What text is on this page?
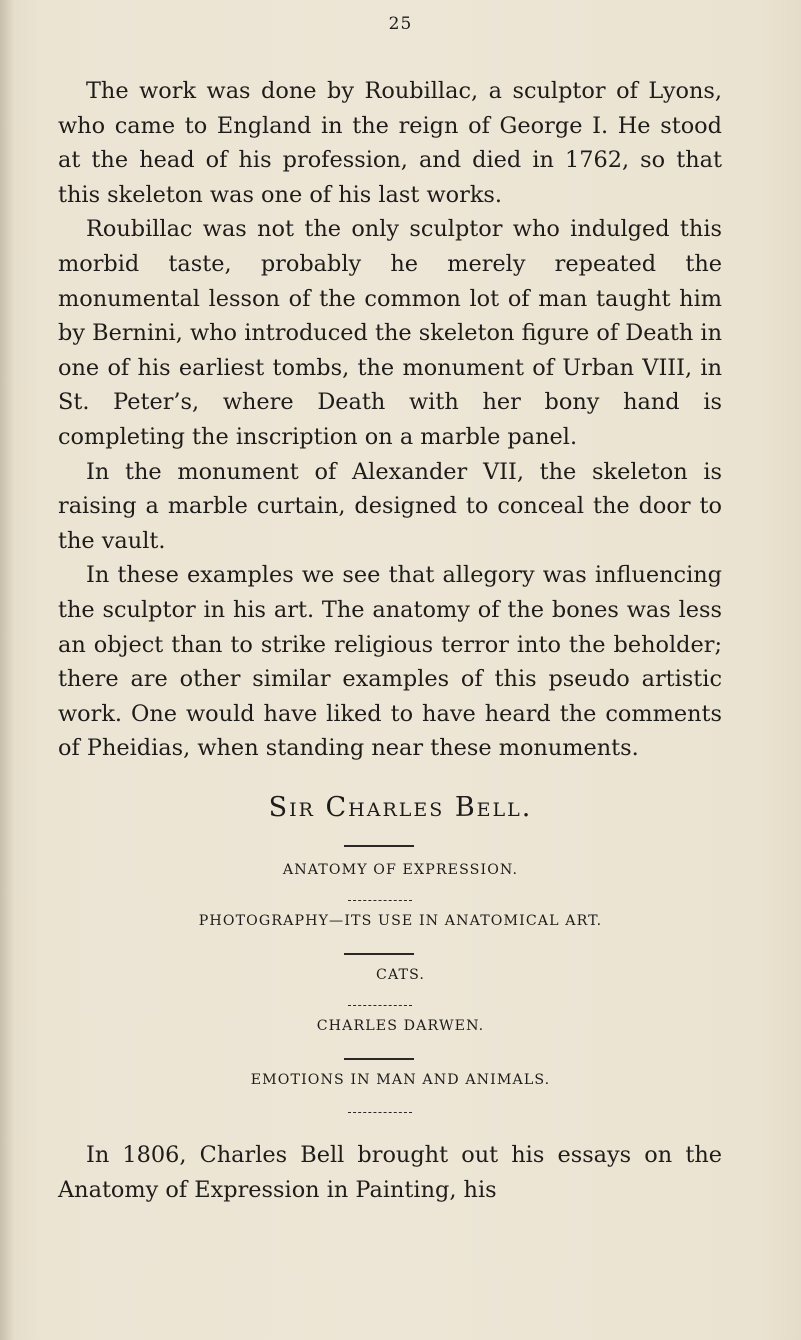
25

The work was done by Roubillac, a sculptor of Lyons, who came to England in the reign of George I. He stood at the head of his profession, and died in 1762, so that this skeleton was one of his last works.

Roubillac was not the only sculptor who indulged this morbid taste, probably he merely repeated the monumental lesson of the common lot of man taught him by Bernini, who introduced the skeleton figure of Death in one of his earliest tombs, the monument of Urban VIII, in St. Peter’s, where Death with her bony hand is completing the inscription on a marble panel.

In the monument of Alexander VII, the skeleton is raising a marble curtain, designed to conceal the door to the vault.

In these examples we see that allegory was influencing the sculptor in his art. The anatomy of the bones was less an object than to strike religious terror into the beholder; there are other similar examples of this pseudo artistic work. One would have liked to have heard the comments of Pheidias, when standing near these monuments.

Sir Charles Bell.
ANATOMY OF EXPRESSION.
PHOTOGRAPHY—ITS USE IN ANATOMICAL ART.
CATS.
CHARLES DARWEN.
EMOTIONS IN MAN AND ANIMALS.

In 1806, Charles Bell brought out his essays on the Anatomy of Expression in Painting, his
